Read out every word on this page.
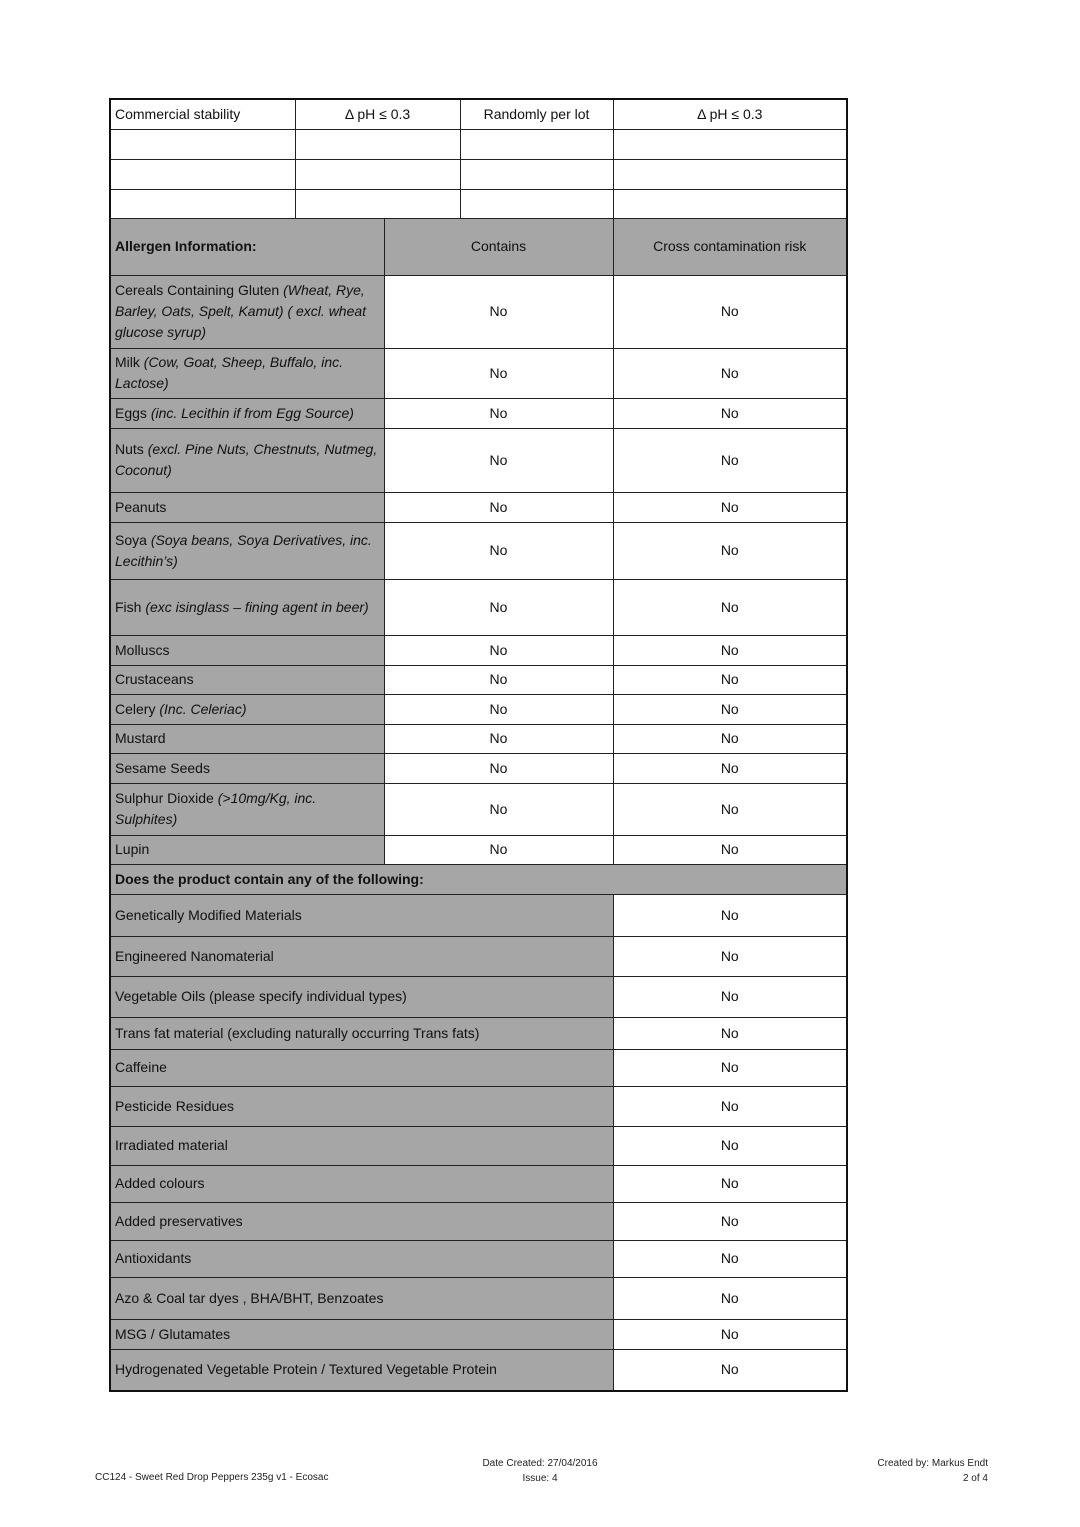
Commercial stability	Δ pH ≤ 0.3		Randomly per lot	Δ pH ≤ 0.3

Allergen Information:		Contains		Cross contamination risk
Cereals Containing Gluten (Wheat, Rye, Barley, Oats, Spelt, Kamut) ( excl. wheat glucose syrup)		No		No
Milk (Cow, Goat, Sheep, Buffalo, inc. Lactose)		No		No
Eggs (inc. Lecithin if from Egg Source)		No		No
Nuts (excl. Pine Nuts, Chestnuts, Nutmeg, Coconut)		No		No
Peanuts		No		No
Soya (Soya beans, Soya Derivatives, inc. Lecithin’s)		No		No
Fish (exc isinglass – fining agent in beer)		No		No
Molluscs		No		No
Crustaceans		No		No
Celery (Inc. Celeriac)		No		No
Mustard		No		No
Sesame Seeds		No		No
Sulphur Dioxide (>10mg/Kg, inc. Sulphites)		No		No
Lupin		No		No
Does the product contain any of the following:				
Genetically Modified Materials				No
Engineered Nanomaterial				No
Vegetable Oils (please specify individual types)				No
Trans fat material (excluding naturally occurring Trans fats)				No
Caffeine				No
Pesticide Residues				No
Irradiated material				No
Added colours				No
Added preservatives				No
Antioxidants				No
Azo & Coal tar dyes , BHA/BHT, Benzoates				No
MSG / Glutamates				No
Hydrogenated Vegetable Protein / Textured Vegetable Protein				No
CC124 - Sweet Red Drop Peppers 235g v1 - Ecosac
Date Created: 27/04/2016
Issue: 4
Created by: Markus Endt
2 of 4
